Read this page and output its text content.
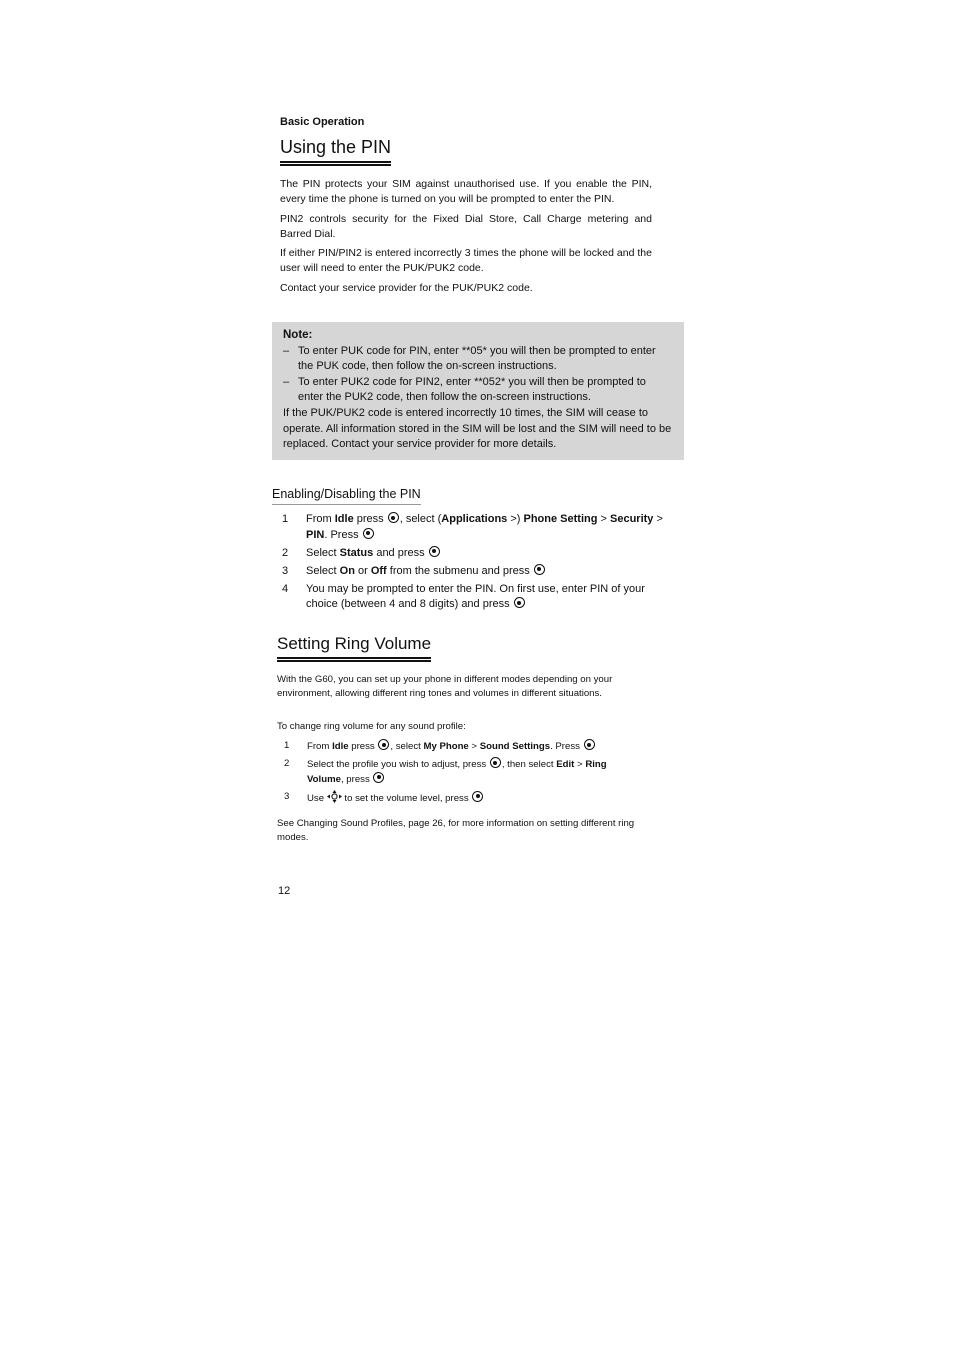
Basic Operation
Using the PIN
The PIN protects your SIM against unauthorised use. If you enable the PIN, every time the phone is turned on you will be prompted to enter the PIN.
PIN2 controls security for the Fixed Dial Store, Call Charge metering and Barred Dial.
If either PIN/PIN2 is entered incorrectly 3 times the phone will be locked and the user will need to enter the PUK/PUK2 code.
Contact your service provider for the PUK/PUK2 code.
Note:
– To enter PUK code for PIN, enter **05* you will then be prompted to enter the PUK code, then follow the on-screen instructions.
– To enter PUK2 code for PIN2, enter **052* you will then be prompted to enter the PUK2 code, then follow the on-screen instructions.
If the PUK/PUK2 code is entered incorrectly 10 times, the SIM will cease to operate. All information stored in the SIM will be lost and the SIM will need to be replaced. Contact your service provider for more details.
Enabling/Disabling the PIN
1 From Idle press , select (Applications >) Phone Setting > Security > PIN. Press
2 Select Status and press
3 Select On or Off from the submenu and press
4 You may be prompted to enter the PIN. On first use, enter PIN of your choice (between 4 and 8 digits) and press
Setting Ring Volume
With the G60, you can set up your phone in different modes depending on your environment, allowing different ring tones and volumes in different situations.
To change ring volume for any sound profile:
1 From Idle press , select My Phone > Sound Settings. Press
2 Select the profile you wish to adjust, press , then select Edit > Ring Volume, press
3 Use  to set the volume level, press
See Changing Sound Profiles, page 26, for more information on setting different ring modes.
12
